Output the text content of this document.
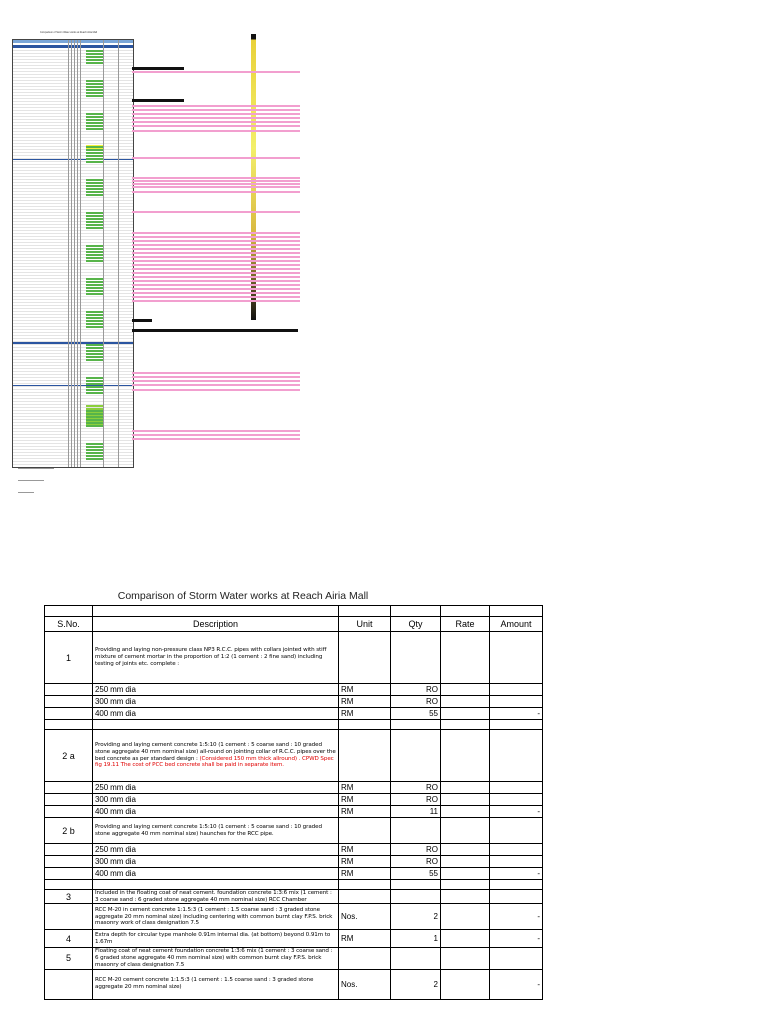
Comparison of Storm Water works at Reach Airia Mall
Comparison of Storm Water works at Reach Airia Mall

S.No.	Description	Unit	Qty	Rate	Amount
1	Providing and laying non-pressure class NP3 R.C.C. pipes with collars jointed with stiff mixture of cement mortar in the proportion of 1:2 (1 cement : 2 fine sand) including testing of joints etc. complete :				
	250 mm dia	RM	RO		
	300 mm dia	RM	RO		
	400 mm dia	RM	55		-

2 a	Providing and laying cement concrete 1:5:10 (1 cement : 5 coarse sand : 10 graded stone aggregate 40 mm nominal size) all-round on jointing collar of R.C.C. pipes over the bed concrete as per standard design : (Considered 150 mm thick allround) . CPWD Spec fig 19.11 The cost of PCC bed concrete shall be paid in separate item.				
	250 mm dia	RM	RO		
	300 mm dia	RM	RO		
	400 mm dia	RM	11		-
2 b	Providing and laying cement concrete 1:5:10 (1 cement : 5 coarse sand : 10 graded stone aggregate 40 mm nominal size) haunches for the RCC pipe.				
	250 mm dia	RM	RO		
	300 mm dia	RM	RO		
	400 mm dia	RM	55		-

3	Included in the floating coat of neat cement. foundation concrete 1:3:6 mix (1 cement : 3 coarse sand : 6 graded stone aggregate 40 mm nominal size) RCC Chamber				
	RCC M-20 in cement concrete 1:1.5:3 (1 cement : 1.5 coarse sand : 3 graded stone aggregate 20 mm nominal size) including centering with common burnt clay F.P.S. brick masonry work of class designation 7.5	Nos.	2		-
4	Extra depth for circular type manhole 0.91m internal dia. (at bottom) beyond 0.91m to 1.67m	RM	1		-
5	Floating coat of neat cement foundation concrete 1:3:6 mix (1 cement : 3 coarse sand : 6 graded stone aggregate 40 mm nominal size) with common burnt clay F.P.S. brick masonry of class designation 7.5				
	RCC M-20 cement concrete 1:1.5:3 (1 cement : 1.5 coarse sand : 3 graded stone aggregate 20 mm nominal size)	Nos.	2		-
